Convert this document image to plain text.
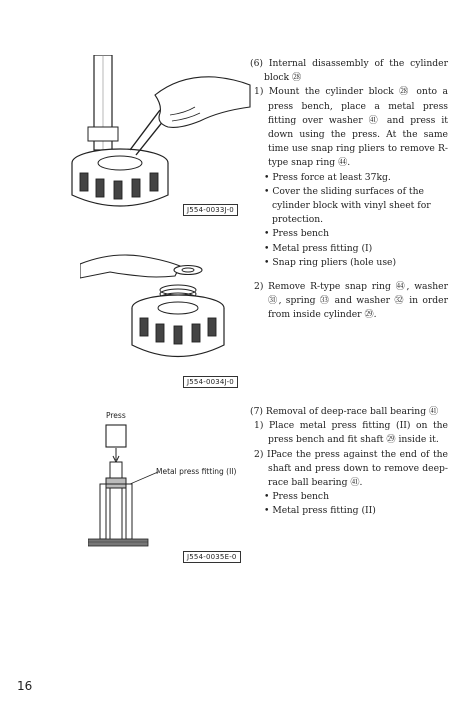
J554-0033J-0
J554-0034J-0
Press
Metal press fitting (II)
J554-0035E-0

(6) Internal disassembly of the cylinder block ㉘

1) Mount the cylinder block ㉘ onto a press bench, place a metal press fitting over washer ㊶ and press it down using the press. At the same time use snap ring pliers to remove R-type snap ring ㊹.

• Press force at least 37kg.

• Cover the sliding surfaces of the cylinder block with vinyl sheet for protection.

• Press bench

• Metal press fitting (I)

• Snap ring pliers (hole use)

2) Remove R-type snap ring ㊹, washer ㉛, spring ㉝ and washer ㉜ in order from inside cylinder ㉙.

(7) Removal of deep-race ball bearing ㊶

1) Place metal press fitting (II) on the press bench and fit shaft ㉙ inside it.

2) IPace the press against the end of the shaft and press down to remove deep-race ball bearing ㊶.

• Press bench

• Metal press fitting (II)

16
